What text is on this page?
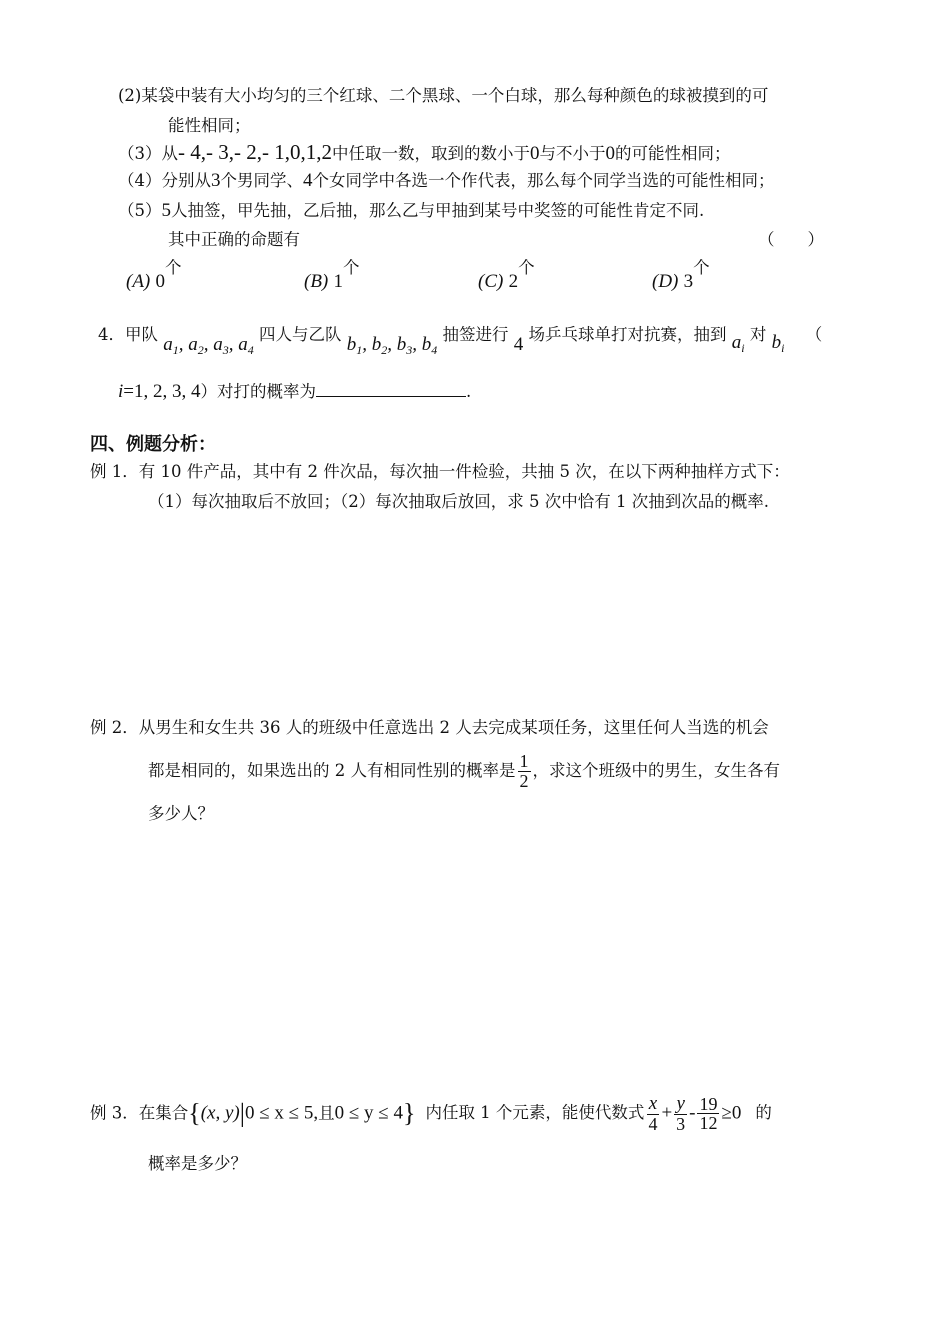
(2)某袋中装有大小均匀的三个红球、二个黑球、一个白球，那么每种颜色的球被摸到的可
能性相同；
（3）从- 4,- 3,- 2,- 1,0,1,2中任取一数，取到的数小于0与不小于0的可能性相同；
（4）分别从3个男同学、4个女同学中各选一个作代表，那么每个同学当选的可能性相同；
（5）5人抽签，甲先抽，乙后抽，那么乙与甲抽到某号中奖签的可能性肯定不同.
其中正确的命题有	（　　）
(A) 0个
(B) 1个
(C) 2个
(D) 3个
4．甲队 $a_1$, $a_2$, $a_3$, $a_4$ 四人与乙队 $b_1$, $b_2$, $b_3$, $b_4$ 抽签进行 4 场乒乓球单打对抗赛，抽到 $a_i$ 对 $b_i$ （
i=1, 2, 3, 4）对打的概率为	.
四、例题分析：
例 1．有 10 件产品，其中有 2 件次品，每次抽一件检验，共抽 5 次，在以下两种抽样方式下：
（1）每次抽取后不放回；（2）每次抽取后放回，求 5 次中恰有 1 次抽到次品的概率.
例 2．从男生和女生共 36 人的班级中任意选出 2 人去完成某项任务，这里任何人当选的机会
都是相同的，如果选出的 2 人有相同性别的概率是 $\frac{1}{2}$ ，求这个班级中的男生，女生各有
多少人？
例 3．在集合{(x, y)|0 ≤ x ≤ 5,且0 ≤ y ≤ 4} 内任取 1 个元素，能使代数式 $\frac{x}{4} + \frac{y}{3} - \frac{19}{12} \ge 0$ 的
概率是多少？
